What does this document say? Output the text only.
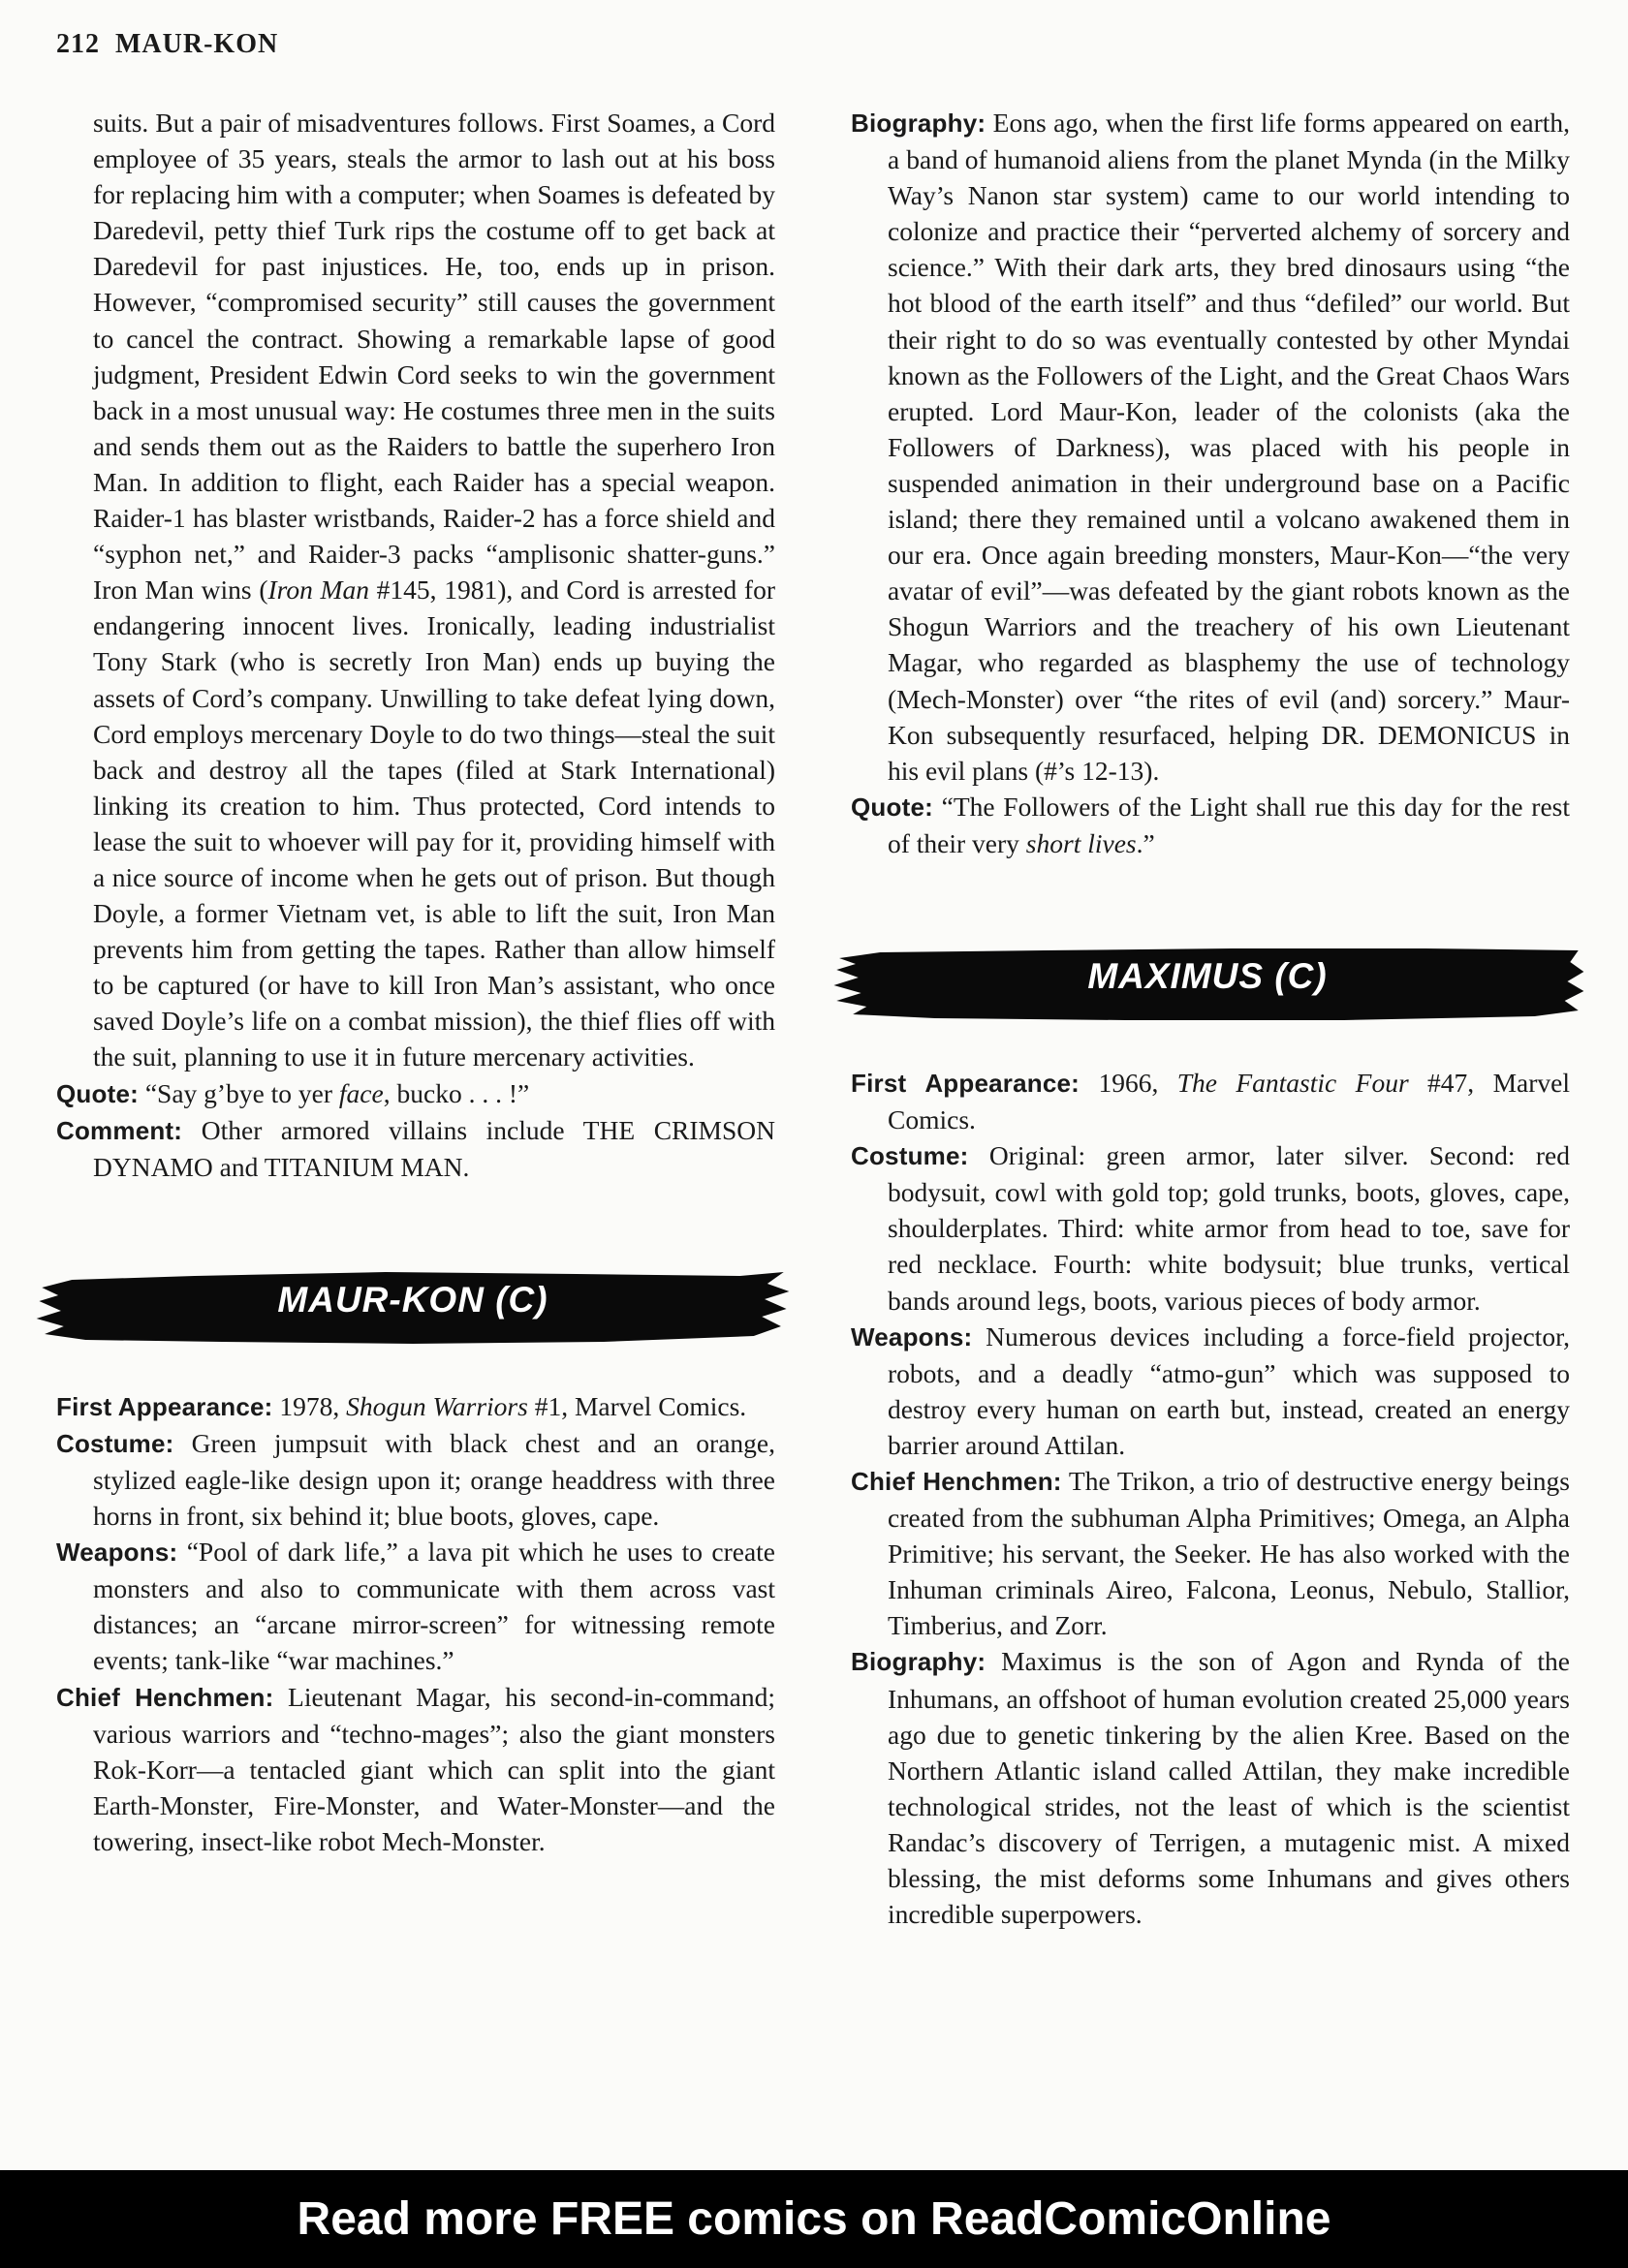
212 MAUR-KON

suits. But a pair of misadventures follows. First Soames, a Cord employee of 35 years, steals the armor to lash out at his boss for replacing him with a computer; when Soames is defeated by Daredevil, petty thief Turk rips the costume off to get back at Daredevil for past injustices. He, too, ends up in prison. However, “compromised security” still causes the government to cancel the contract. Showing a remarkable lapse of good judgment, President Edwin Cord seeks to win the government back in a most unusual way: He costumes three men in the suits and sends them out as the Raiders to battle the superhero Iron Man. In addition to flight, each Raider has a special weapon. Raider-1 has blaster wristbands, Raider-2 has a force shield and “syphon net,” and Raider-3 packs “amplisonic shatter-guns.” Iron Man wins (Iron Man #145, 1981), and Cord is arrested for endangering innocent lives. Ironically, leading industrialist Tony Stark (who is secretly Iron Man) ends up buying the assets of Cord’s company. Unwilling to take defeat lying down, Cord employs mercenary Doyle to do two things—steal the suit back and destroy all the tapes (filed at Stark International) linking its creation to him. Thus protected, Cord intends to lease the suit to whoever will pay for it, providing himself with a nice source of income when he gets out of prison. But though Doyle, a former Vietnam vet, is able to lift the suit, Iron Man prevents him from getting the tapes. Rather than allow himself to be captured (or have to kill Iron Man’s assistant, who once saved Doyle’s life on a combat mission), the thief flies off with the suit, planning to use it in future mercenary activities.

Quote: “Say g’bye to yer face, bucko . . . !”

Comment: Other armored villains include THE CRIMSON DYNAMO and TITANIUM MAN.

MAUR-KON (C)

First Appearance: 1978, Shogun Warriors #1, Marvel Comics.

Costume: Green jumpsuit with black chest and an orange, stylized eagle-like design upon it; orange headdress with three horns in front, six behind it; blue boots, gloves, cape.

Weapons: “Pool of dark life,” a lava pit which he uses to create monsters and also to communicate with them across vast distances; an “arcane mirror-screen” for witnessing remote events; tank-like “war machines.”

Chief Henchmen: Lieutenant Magar, his second-in-command; various warriors and “techno-mages”; also the giant monsters Rok-Korr—a tentacled giant which can split into the giant Earth-Monster, Fire-Monster, and Water-Monster—and the towering, insect-like robot Mech-Monster.

Biography: Eons ago, when the first life forms appeared on earth, a band of humanoid aliens from the planet Mynda (in the Milky Way’s Nanon star system) came to our world intending to colonize and practice their “perverted alchemy of sorcery and science.” With their dark arts, they bred dinosaurs using “the hot blood of the earth itself” and thus “defiled” our world. But their right to do so was eventually contested by other Myndai known as the Followers of the Light, and the Great Chaos Wars erupted. Lord Maur-Kon, leader of the colonists (aka the Followers of Darkness), was placed with his people in suspended animation in their underground base on a Pacific island; there they remained until a volcano awakened them in our era. Once again breeding monsters, Maur-Kon—“the very avatar of evil”—was defeated by the giant robots known as the Shogun Warriors and the treachery of his own Lieutenant Magar, who regarded as blasphemy the use of technology (Mech-Monster) over “the rites of evil (and) sorcery.” Maur-Kon subsequently resurfaced, helping DR. DEMONICUS in his evil plans (#’s 12-13).

Quote: “The Followers of the Light shall rue this day for the rest of their very short lives.”

MAXIMUS (C)

First Appearance: 1966, The Fantastic Four #47, Marvel Comics.

Costume: Original: green armor, later silver. Second: red bodysuit, cowl with gold top; gold trunks, boots, gloves, cape, shoulderplates. Third: white armor from head to toe, save for red necklace. Fourth: white bodysuit; blue trunks, vertical bands around legs, boots, various pieces of body armor.

Weapons: Numerous devices including a force-field projector, robots, and a deadly “atmo-gun” which was supposed to destroy every human on earth but, instead, created an energy barrier around Attilan.

Chief Henchmen: The Trikon, a trio of destructive energy beings created from the subhuman Alpha Primitives; Omega, an Alpha Primitive; his servant, the Seeker. He has also worked with the Inhuman criminals Aireo, Falcona, Leonus, Nebulo, Stallior, Timberius, and Zorr.

Biography: Maximus is the son of Agon and Rynda of the Inhumans, an offshoot of human evolution created 25,000 years ago due to genetic tinkering by the alien Kree. Based on the Northern Atlantic island called Attilan, they make incredible technological strides, not the least of which is the scientist Randac’s discovery of Terrigen, a mutagenic mist. A mixed blessing, the mist deforms some Inhumans and gives others incredible superpowers.

Read more FREE comics on ReadComicOnline
